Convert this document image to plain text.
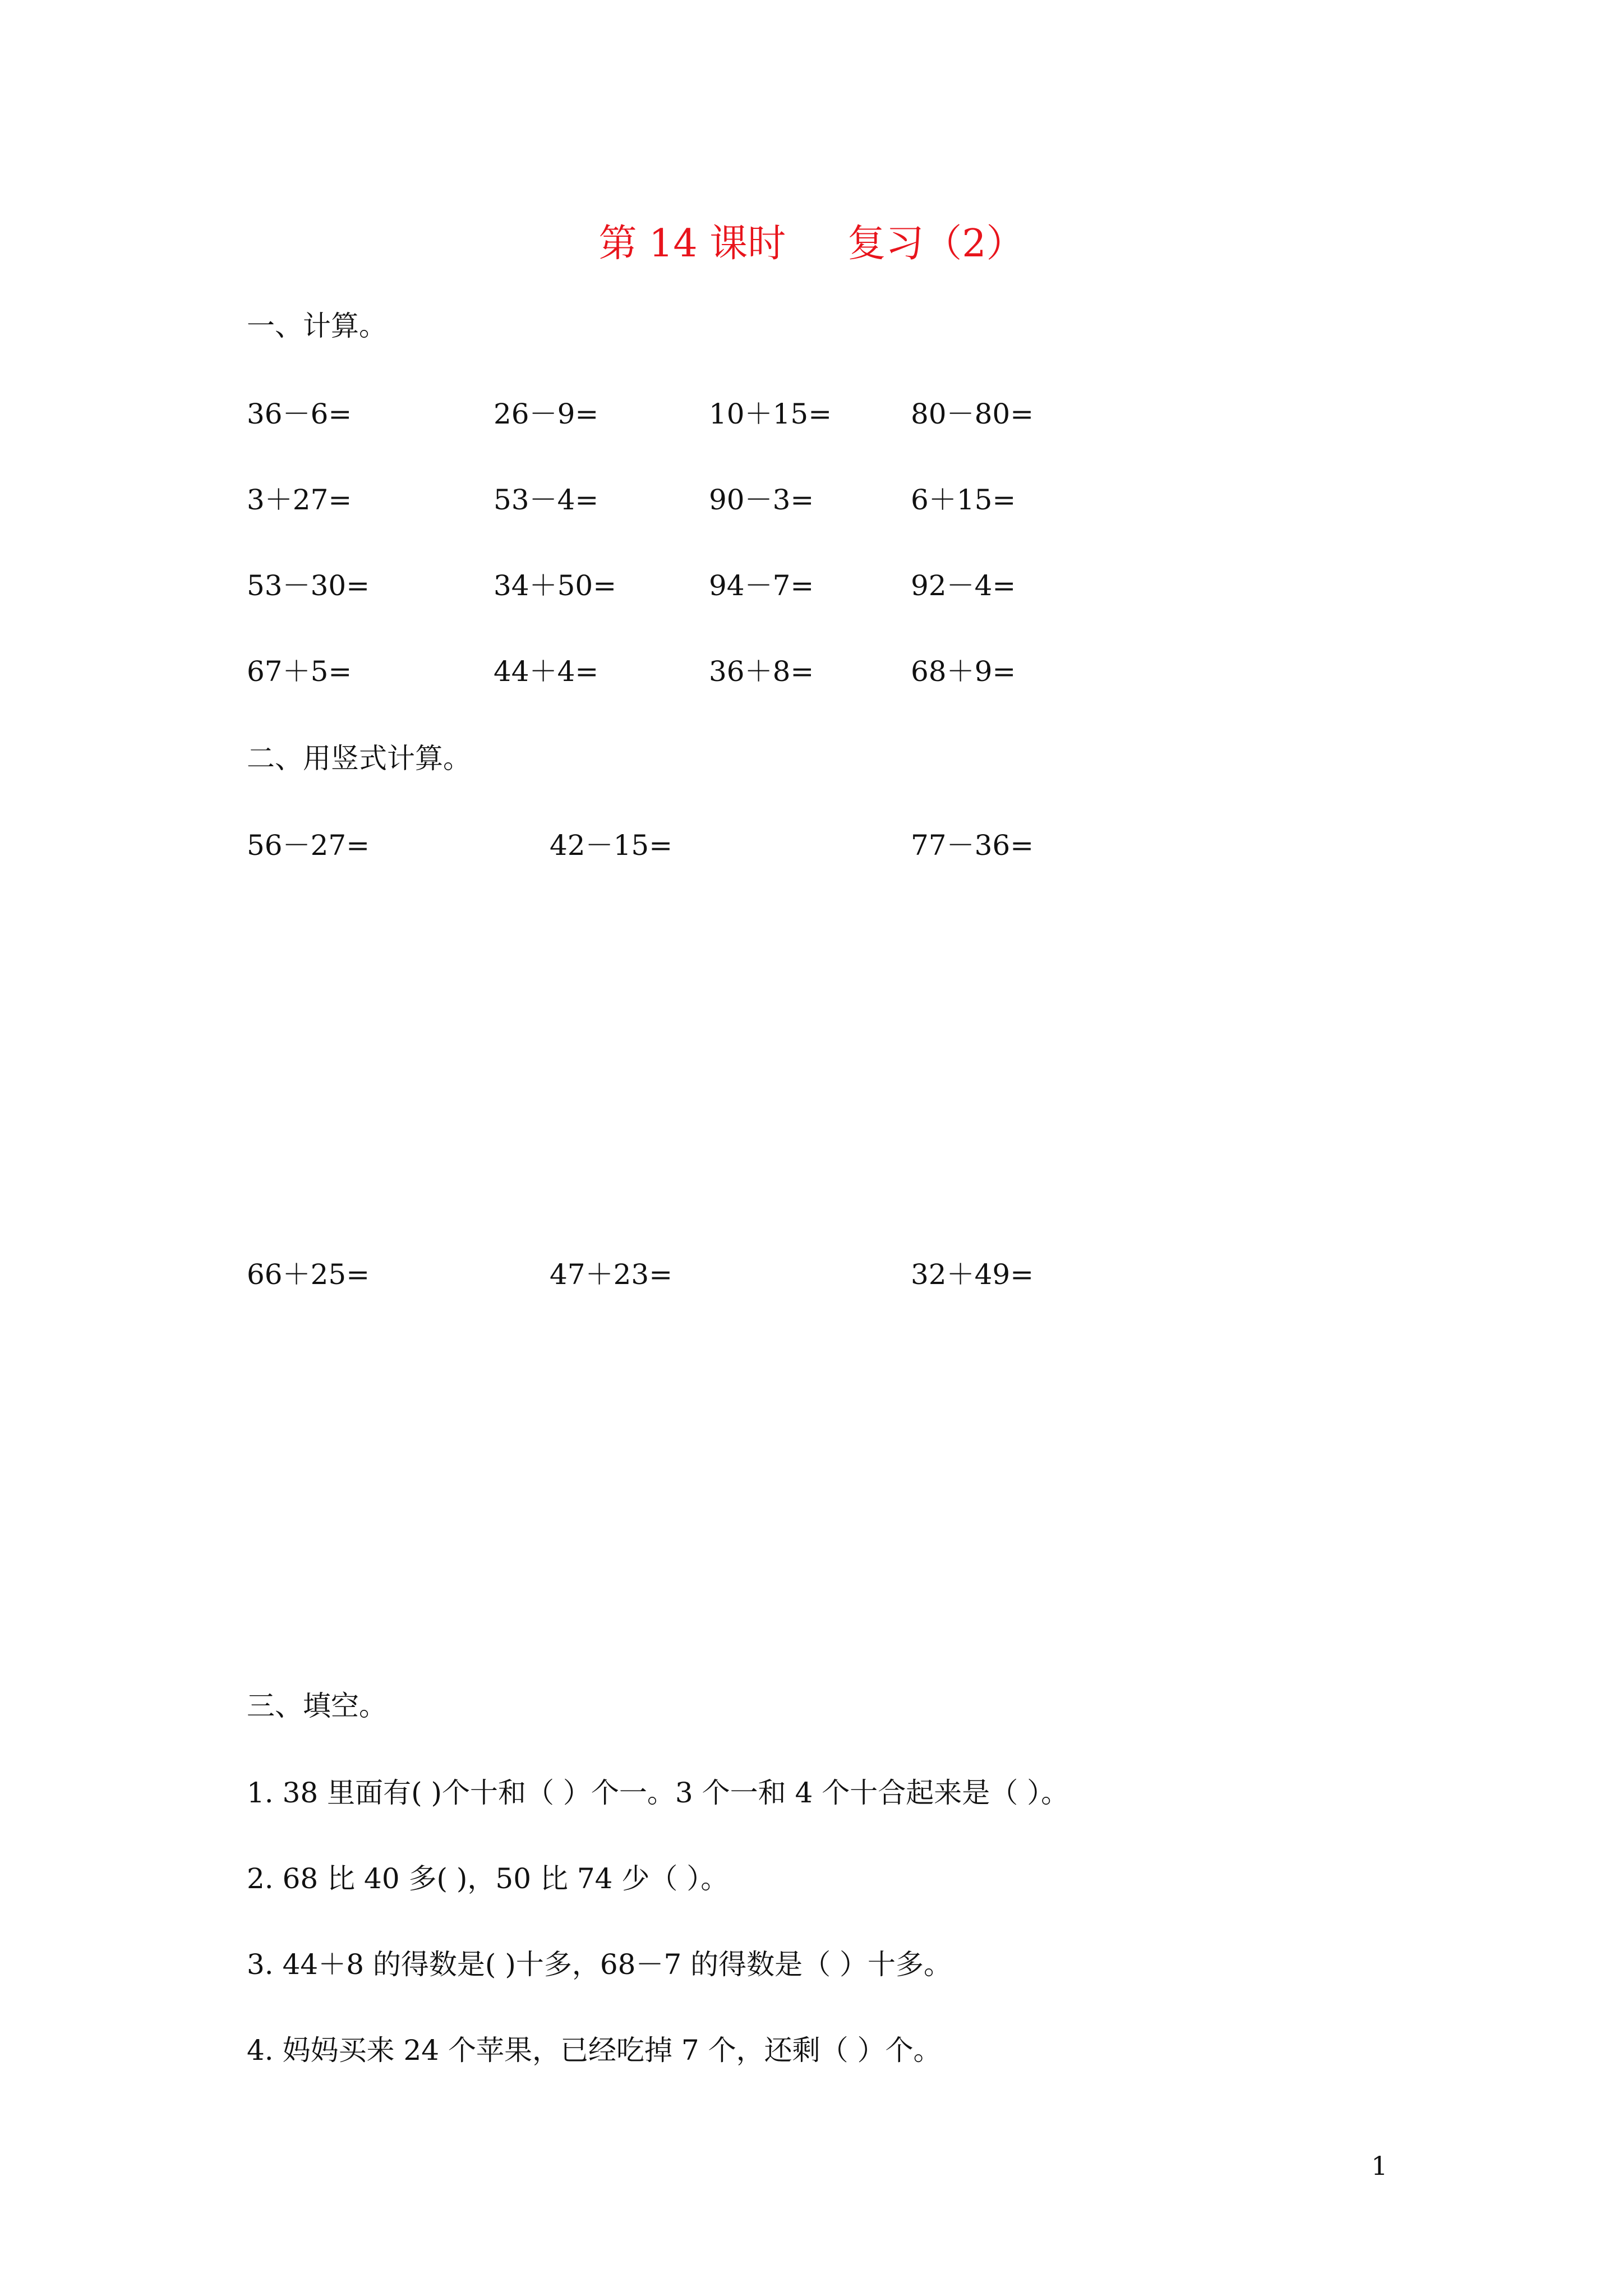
第 14 课时 复习（2）
一、计算。
36－6=	26－9=	10＋15=	80－80=
3＋27=	53－4=	90－3=	6＋15=
53－30=	34＋50=	94－7=	92－4=
67＋5=	44＋4=	36＋8=	68＋9=
二、用竖式计算。
56－27=	42－15=	77－36=
66＋25=	47＋23=	32＋49=
三、填空。
1. 38 里面有( )个十和（ ）个一。3 个一和 4 个十合起来是（ ）。
2. 68 比 40 多( )，50 比 74 少（ ）。
3. 44＋8 的得数是( )十多，68－7 的得数是（ ）十多。
4. 妈妈买来 24 个苹果，已经吃掉 7 个，还剩（ ）个。
1
